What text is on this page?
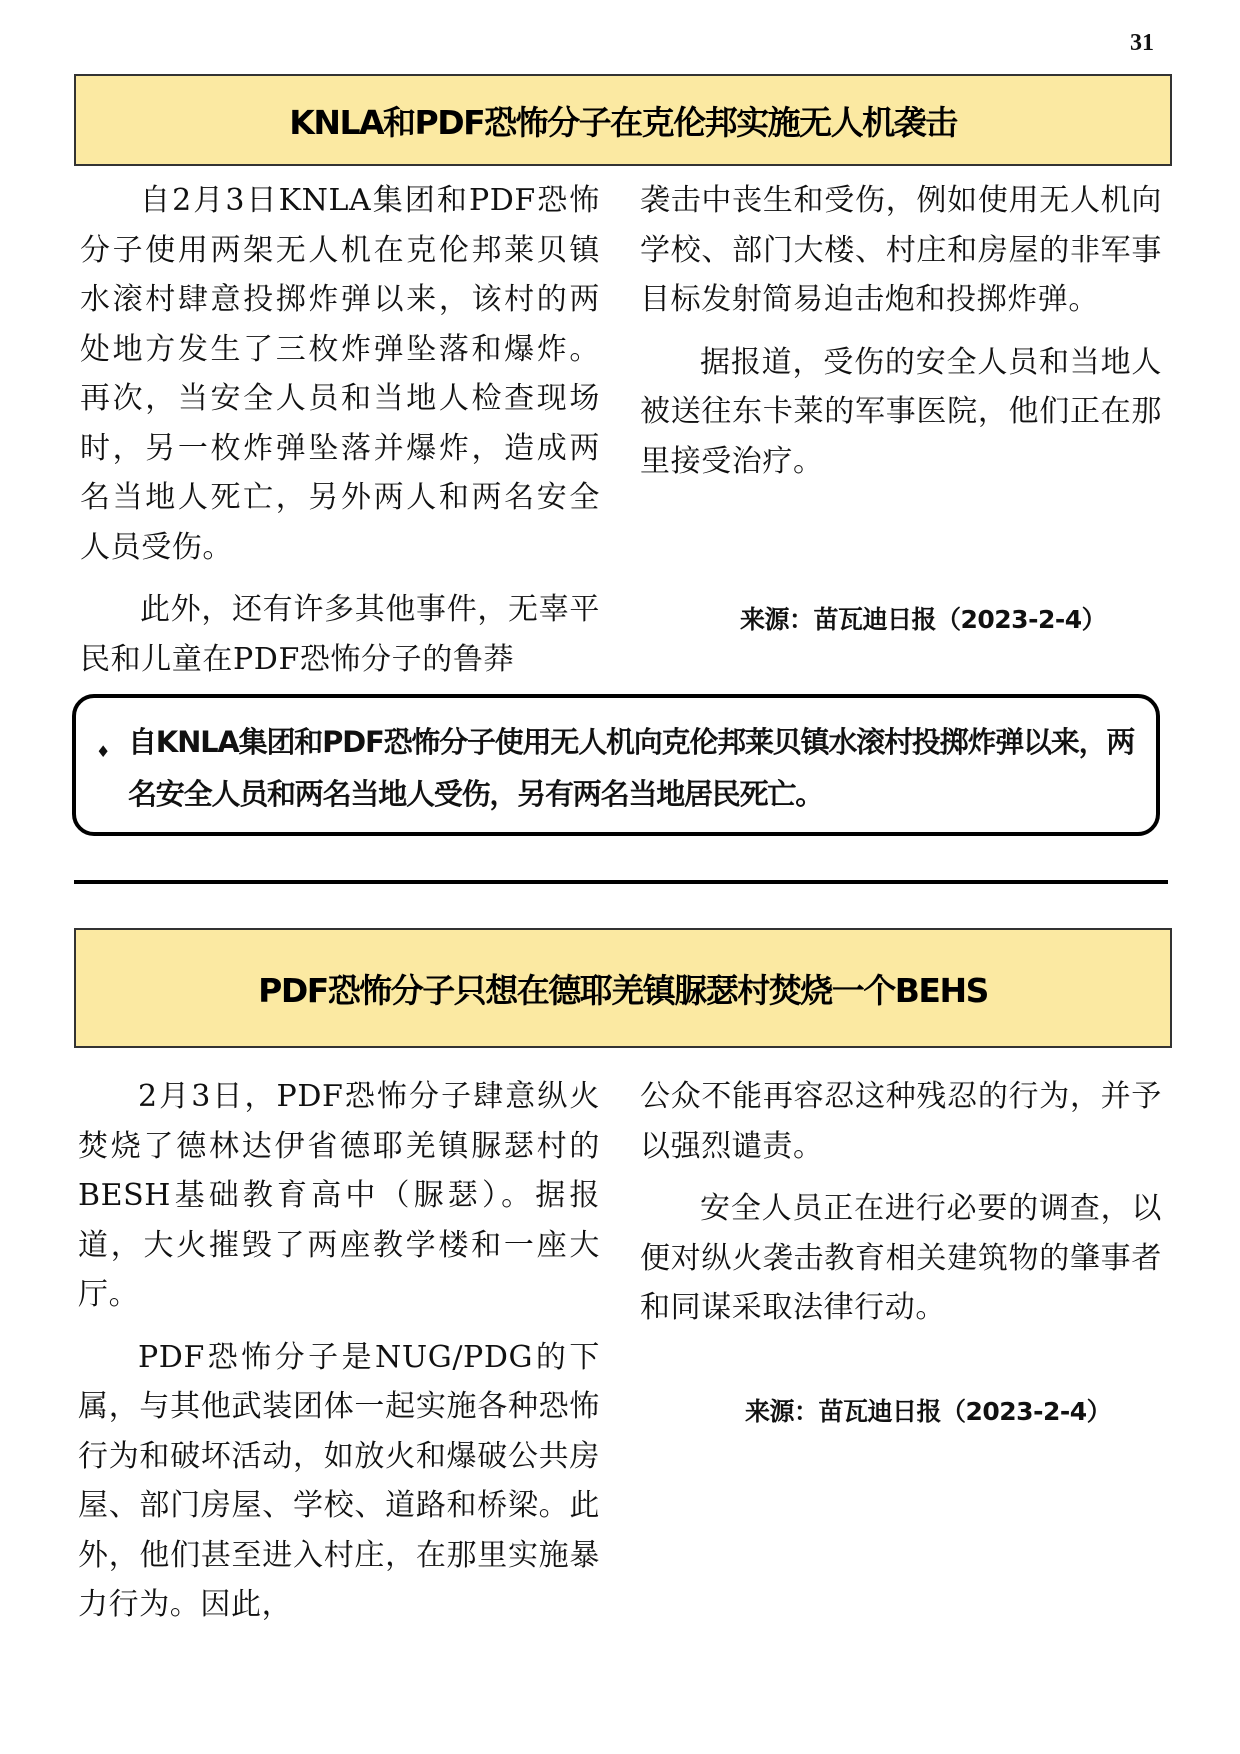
31
KNLA和PDF恐怖分子在克伦邦实施无人机袭击

自2月3日KNLA集团和PDF恐怖分子使用两架无人机在克伦邦莱贝镇水滚村肆意投掷炸弹以来，该村的两处地方发生了三枚炸弹坠落和爆炸。再次，当安全人员和当地人检查现场时，另一枚炸弹坠落并爆炸，造成两名当地人死亡，另外两人和两名安全人员受伤。

此外，还有许多其他事件，无辜平民和儿童在PDF恐怖分子的鲁莽

袭击中丧生和受伤，例如使用无人机向学校、部门大楼、村庄和房屋的非军事目标发射简易迫击炮和投掷炸弹。

据报道，受伤的安全人员和当地人被送往东卡莱的军事医院，他们正在那里接受治疗。

来源：苗瓦迪日报（2023-2-4）
♦ 自KNLA集团和PDF恐怖分子使用无人机向克伦邦莱贝镇水滚村投掷炸弹以来，两名安全人员和两名当地人受伤，另有两名当地居民死亡。

PDF恐怖分子只想在德耶羌镇脲瑟村焚烧一个BEHS

2月3日，PDF恐怖分子肆意纵火焚烧了德林达伊省德耶羌镇脲瑟村的BESH基础教育高中（脲瑟）。据报道，大火摧毁了两座教学楼和一座大厅。

PDF恐怖分子是NUG/PDG的下属，与其他武装团体一起实施各种恐怖行为和破坏活动，如放火和爆破公共房屋、部门房屋、学校、道路和桥梁。此外，他们甚至进入村庄，在那里实施暴力行为。因此，

公众不能再容忍这种残忍的行为，并予以强烈谴责。

安全人员正在进行必要的调查，以便对纵火袭击教育相关建筑物的肇事者和同谋采取法律行动。

来源：苗瓦迪日报（2023-2-4）
